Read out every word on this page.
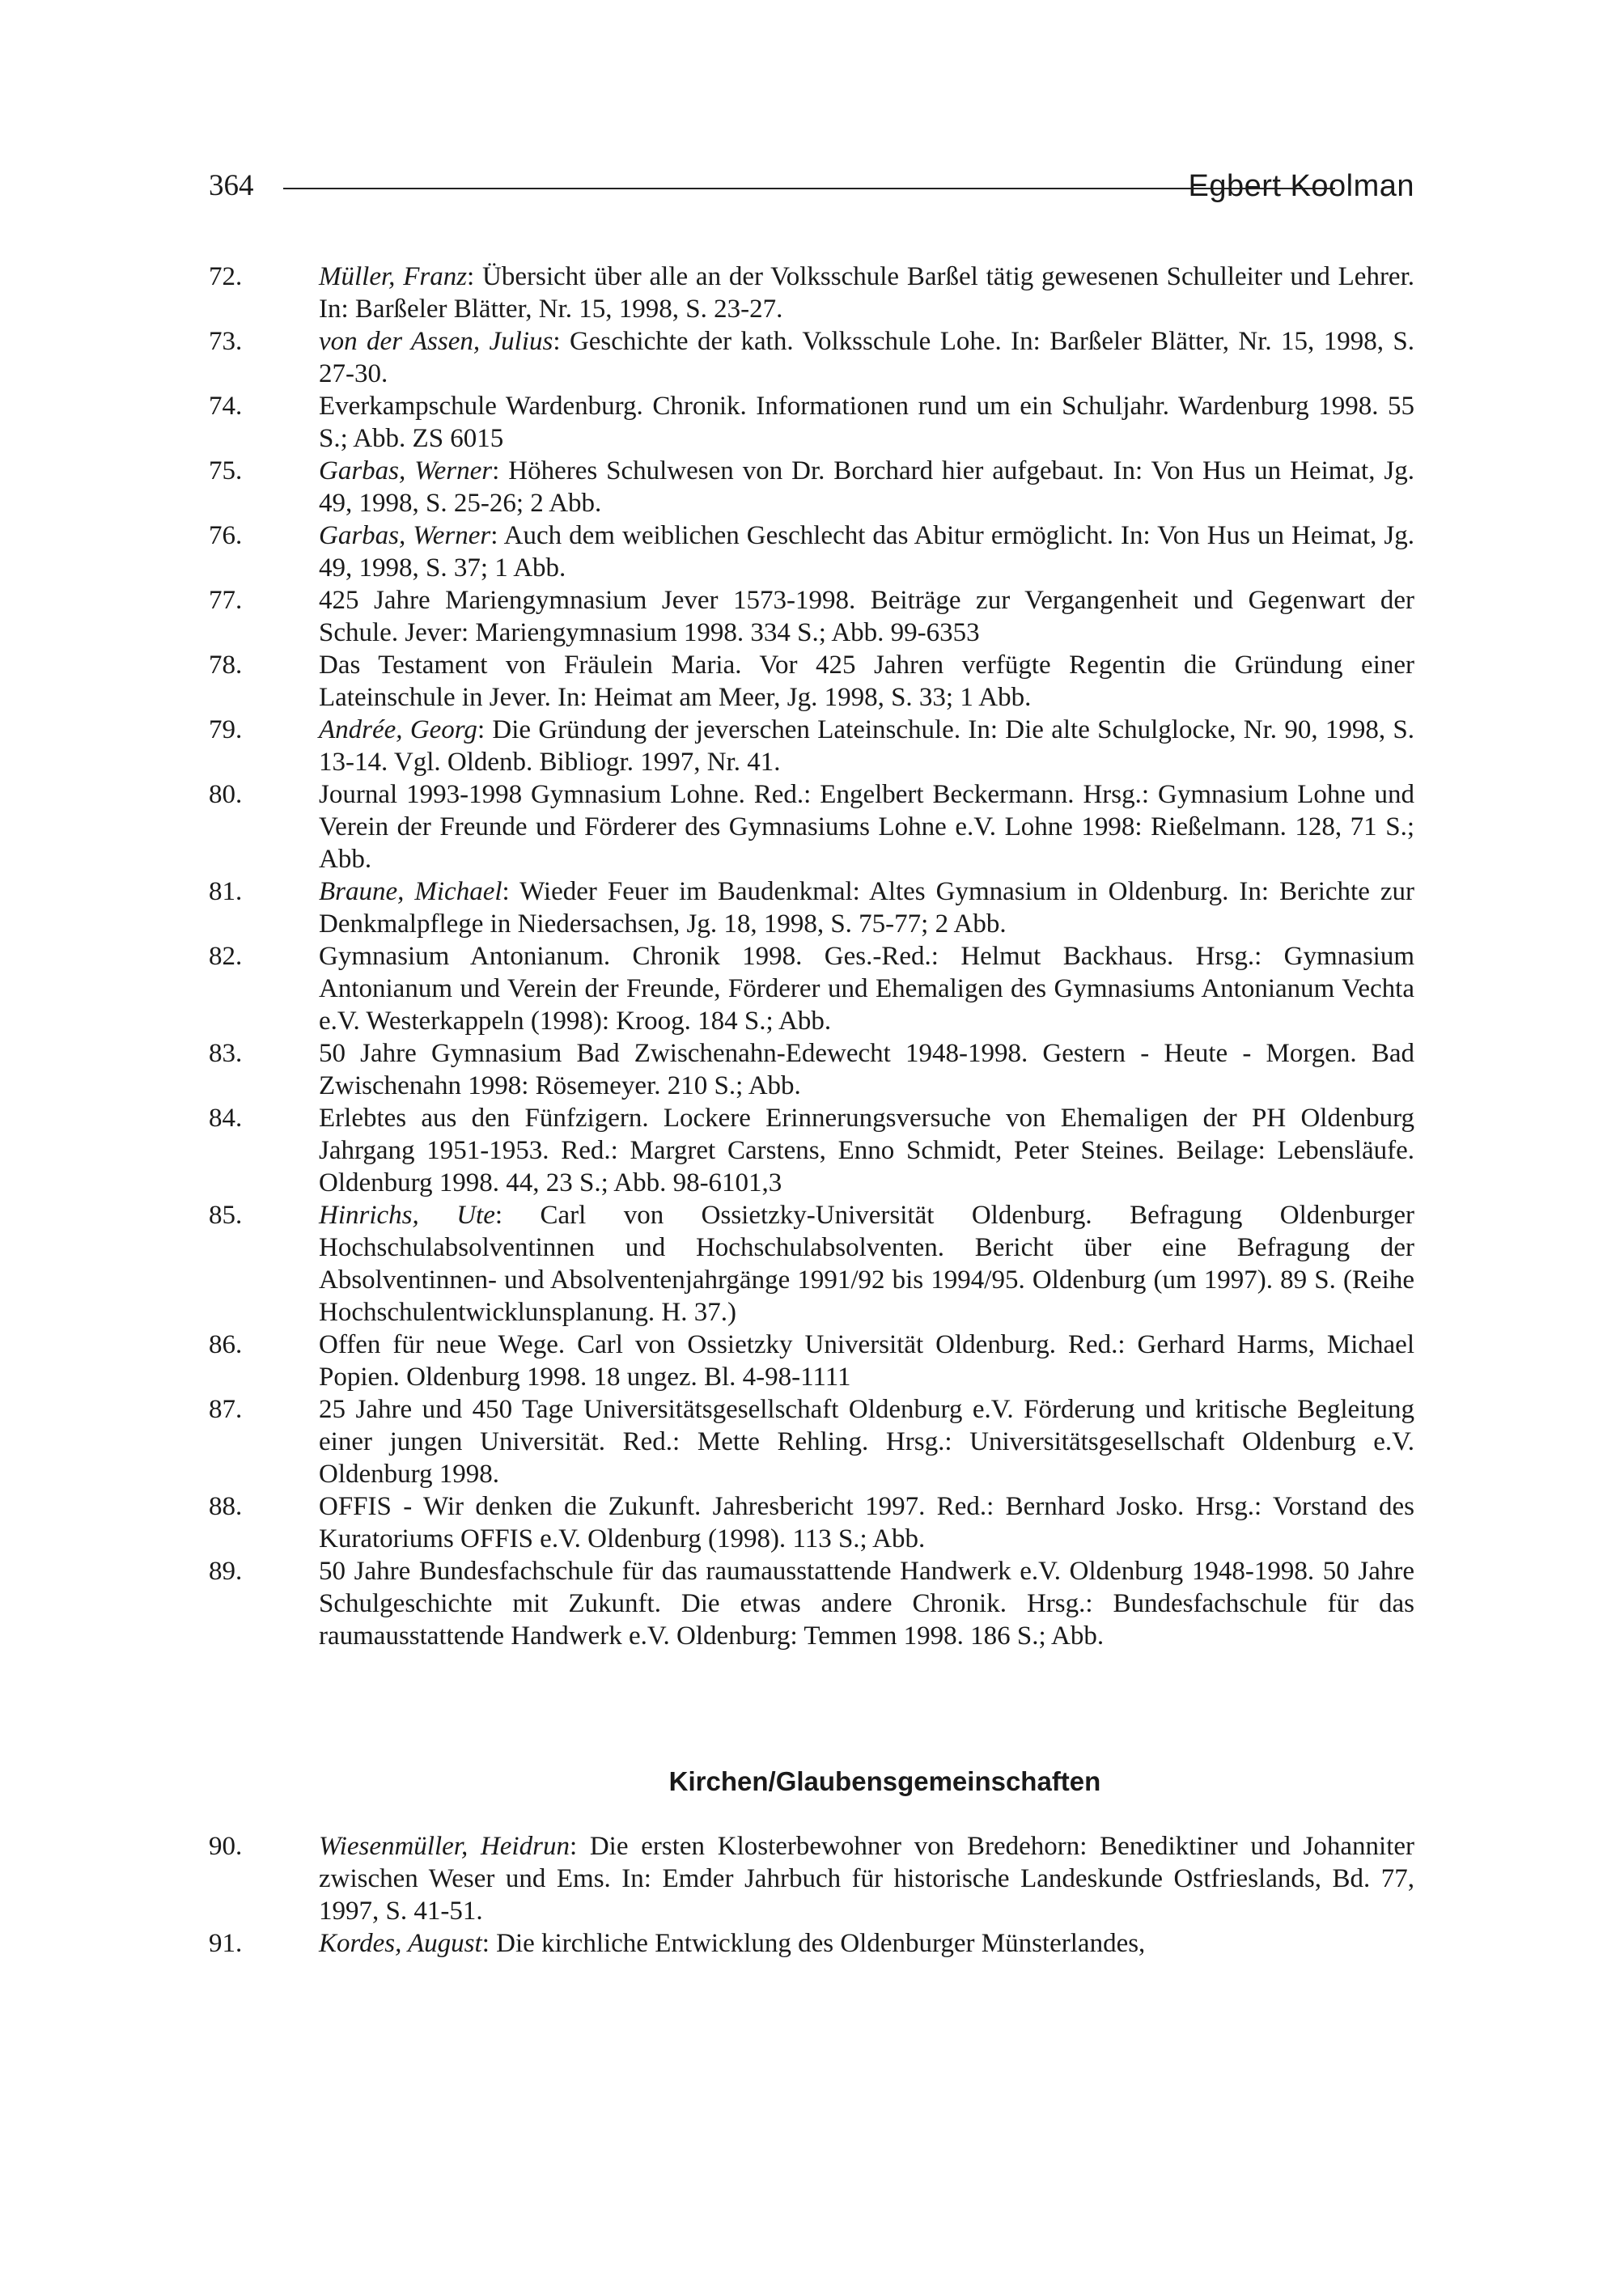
364	Egbert Koolman
72.	Müller, Franz: Übersicht über alle an der Volksschule Barßel tätig gewesenen Schulleiter und Lehrer. In: Barßeler Blätter, Nr. 15, 1998, S. 23-27.
73.	von der Assen, Julius: Geschichte der kath. Volksschule Lohe. In: Barßeler Blätter, Nr. 15, 1998, S. 27-30.
74.	Everkampschule Wardenburg. Chronik. Informationen rund um ein Schuljahr. Wardenburg 1998. 55 S.; Abb. ZS 6015
75.	Garbas, Werner: Höheres Schulwesen von Dr. Borchard hier aufgebaut. In: Von Hus un Heimat, Jg. 49, 1998, S. 25-26; 2 Abb.
76.	Garbas, Werner: Auch dem weiblichen Geschlecht das Abitur ermöglicht. In: Von Hus un Heimat, Jg. 49, 1998, S. 37; 1 Abb.
77.	425 Jahre Mariengymnasium Jever 1573-1998. Beiträge zur Vergangenheit und Gegenwart der Schule. Jever: Mariengymnasium 1998. 334 S.; Abb. 99-6353
78.	Das Testament von Fräulein Maria. Vor 425 Jahren verfügte Regentin die Gründung einer Lateinschule in Jever. In: Heimat am Meer, Jg. 1998, S. 33; 1 Abb.
79.	Andrée, Georg: Die Gründung der jeverschen Lateinschule. In: Die alte Schulglocke, Nr. 90, 1998, S. 13-14. Vgl. Oldenb. Bibliogr. 1997, Nr. 41.
80.	Journal 1993-1998 Gymnasium Lohne. Red.: Engelbert Beckermann. Hrsg.: Gymnasium Lohne und Verein der Freunde und Förderer des Gymnasiums Lohne e.V. Lohne 1998: Rießelmann. 128, 71 S.; Abb.
81.	Braune, Michael: Wieder Feuer im Baudenkmal: Altes Gymnasium in Oldenburg. In: Berichte zur Denkmalpflege in Niedersachsen, Jg. 18, 1998, S. 75-77; 2 Abb.
82.	Gymnasium Antonianum. Chronik 1998. Ges.-Red.: Helmut Backhaus. Hrsg.: Gymnasium Antonianum und Verein der Freunde, Förderer und Ehemaligen des Gymnasiums Antonianum Vechta e.V. Westerkappeln (1998): Kroog. 184 S.; Abb.
83.	50 Jahre Gymnasium Bad Zwischenahn-Edewecht 1948-1998. Gestern - Heute - Morgen. Bad Zwischenahn 1998: Rösemeyer. 210 S.; Abb.
84.	Erlebtes aus den Fünfzigern. Lockere Erinnerungsversuche von Ehemaligen der PH Oldenburg Jahrgang 1951-1953. Red.: Margret Carstens, Enno Schmidt, Peter Steines. Beilage: Lebensläufe. Oldenburg 1998. 44, 23 S.; Abb. 98-6101,3
85.	Hinrichs, Ute: Carl von Ossietzky-Universität Oldenburg. Befragung Oldenburger Hochschulabsolventinnen und Hochschulabsolventen. Bericht über eine Befragung der Absolventinnen- und Absolventenjahrgänge 1991/92 bis 1994/95. Oldenburg (um 1997). 89 S. (Reihe Hochschulentwicklunsplanung. H. 37.)
86.	Offen für neue Wege. Carl von Ossietzky Universität Oldenburg. Red.: Gerhard Harms, Michael Popien. Oldenburg 1998. 18 ungez. Bl. 4-98-1111
87.	25 Jahre und 450 Tage Universitätsgesellschaft Oldenburg e.V. Förderung und kritische Begleitung einer jungen Universität. Red.: Mette Rehling. Hrsg.: Universitätsgesellschaft Oldenburg e.V. Oldenburg 1998.
88.	OFFIS - Wir denken die Zukunft. Jahresbericht 1997. Red.: Bernhard Josko. Hrsg.: Vorstand des Kuratoriums OFFIS e.V. Oldenburg (1998). 113 S.; Abb.
89.	50 Jahre Bundesfachschule für das raumausstattende Handwerk e.V. Oldenburg 1948-1998. 50 Jahre Schulgeschichte mit Zukunft. Die etwas andere Chronik. Hrsg.: Bundesfachschule für das raumausstattende Handwerk e.V. Oldenburg: Temmen 1998. 186 S.; Abb.
Kirchen/Glaubensgemeinschaften
90.	Wiesenmüller, Heidrun: Die ersten Klosterbewohner von Bredehorn: Benediktiner und Johanniter zwischen Weser und Ems. In: Emder Jahrbuch für historische Landeskunde Ostfrieslands, Bd. 77, 1997, S. 41-51.
91.	Kordes, August: Die kirchliche Entwicklung des Oldenburger Münsterlandes,
